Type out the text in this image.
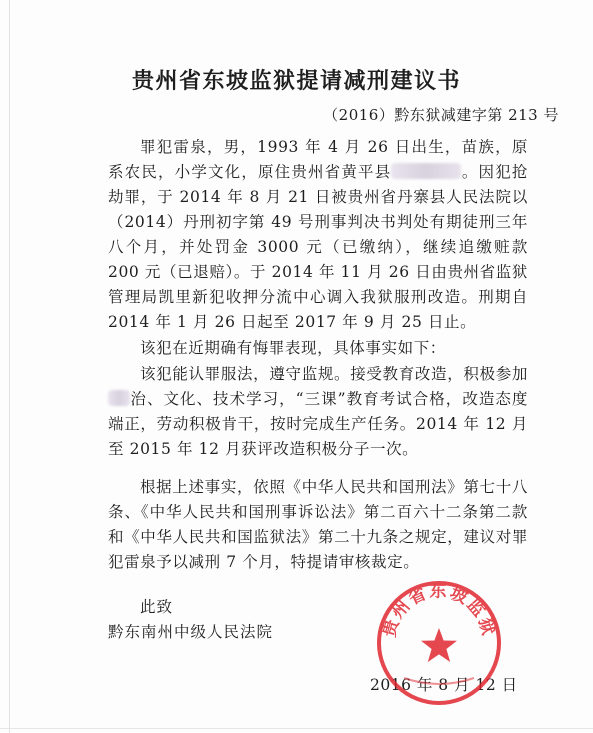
贵州省东坡监狱提请减刑建议书
（2016）黔东狱减建字第 213 号

罪犯雷泉，男，1993 年 4 月 26 日出生，苗族，原系农民，小学文化，原住贵州省黄平县	。因犯抢劫罪，于 2014 年 8 月 21 日被贵州省丹寨县人民法院以（2014）丹刑初字第 49 号刑事判决书判处有期徒刑三年八个月，并处罚金 3000 元（已缴纳），继续追缴赃款 200 元（已退赔）。于 2014 年 11 月 26 日由贵州省监狱管理局凯里新犯收押分流中心调入我狱服刑改造。刑期自 2014 年 1 月 26 日起至 2017 年 9 月 25 日止。

该犯在近期确有悔罪表现，具体事实如下：

该犯能认罪服法，遵守监规。接受教育改造，积极参加治、文化、技术学习，“三课”教育考试合格，改造态度端正，劳动积极肯干，按时完成生产任务。2014 年 12 月至 2015 年 12 月获评改造积极分子一次。

根据上述事实，依照《中华人民共和国刑法》第七十八条、《中华人民共和国刑事诉讼法》第二百六十二条第二款和《中华人民共和国监狱法》第二十九条之规定，建议对罪犯雷泉予以减刑 7 个月，特提请审核裁定。

此致
黔东南州中级人民法院
2016 年 8 月 12 日
贵州省东坡监狱
